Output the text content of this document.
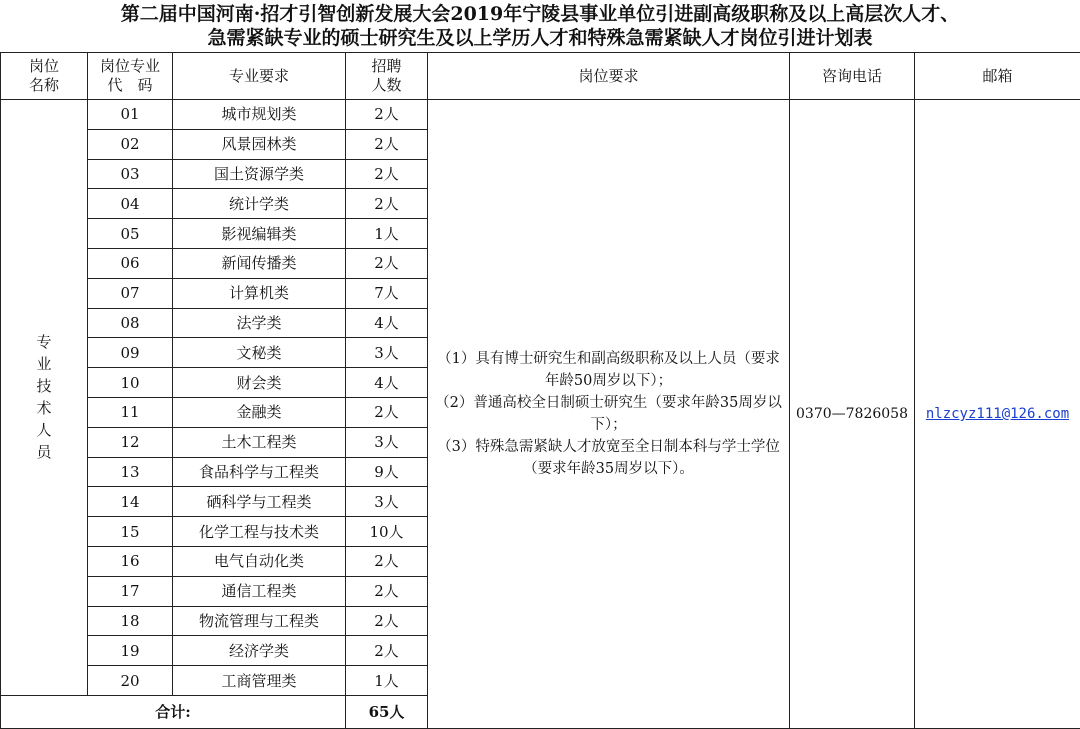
第二届中国河南·招才引智创新发展大会2019年宁陵县事业单位引进副高级职称及以上高层次人才、
急需紧缺专业的硕士研究生及以上学历人才和特殊急需紧缺人才岗位引进计划表
岗位名称	岗位专业代　码	专业要求	招聘人数	岗位要求	咨询电话	邮箱

专业技术人员	01	城市规划类	2人	（1）具有博士研究生和副高级职称及以上人员（要求年龄50周岁以下）；
（2）普通高校全日制硕士研究生（要求年龄35周岁以下）；
（3）特殊急需紧缺人才放宽至全日制本科与学士学位（要求年龄35周岁以下）。	0370—7826058	nlzcyz111@126.com
	02	风景园林类	2人			
	03	国土资源学类	2人			
	04	统计学类	2人			
	05	影视编辑类	1人			
	06	新闻传播类	2人			
	07	计算机类	7人			
	08	法学类	4人			
	09	文秘类	3人			
	10	财会类	4人			
	11	金融类	2人			
	12	土木工程类	3人			
	13	食品科学与工程类	9人			
	14	硒科学与工程类	3人			
	15	化学工程与技术类	10人			
	16	电气自动化类	2人			
	17	通信工程类	2人			
	18	物流管理与工程类	2人			
	19	经济学类	2人			
	20	工商管理类	1人			
合计:			65人			
